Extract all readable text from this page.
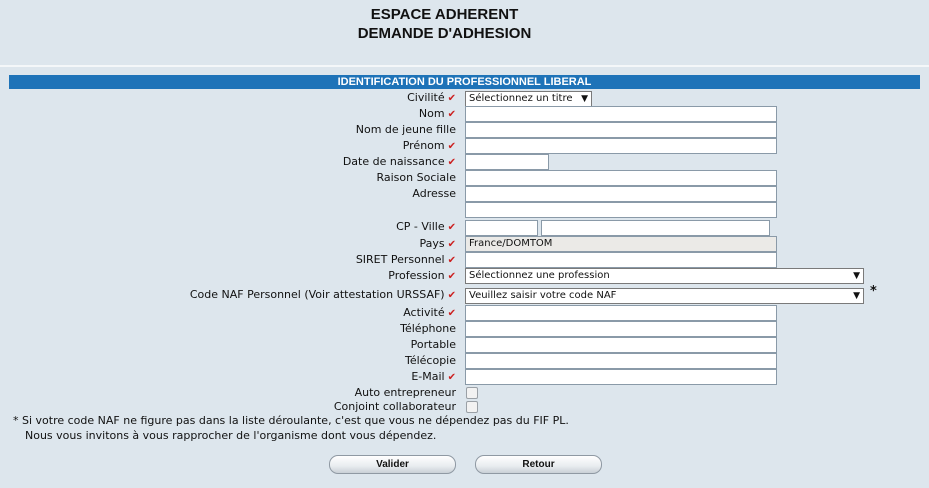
ESPACE ADHERENT
DEMANDE D'ADHESION
IDENTIFICATION DU PROFESSIONNEL LIBERAL
Civilité ✔	Sélectionnez un titre ▼
Nom ✔
Nom de jeune fille
Prénom ✔
Date de naissance ✔
Raison Sociale
Adresse
CP - Ville ✔
Pays ✔	France/DOMTOM
SIRET Personnel ✔
Profession ✔	Sélectionnez une profession	▼
Code NAF Personnel (Voir attestation URSSAF) ✔	Veuillez saisir votre code NAF	▼ *
Activité ✔
Téléphone
Portable
Télécopie
E-Mail ✔
Auto entrepreneur
Conjoint collaborateur
* Si votre code NAF ne figure pas dans la liste déroulante, c'est que vous ne dépendez pas du FIF PL.
Nous vous invitons à vous rapprocher de l'organisme dont vous dépendez.
Valider	Retour
